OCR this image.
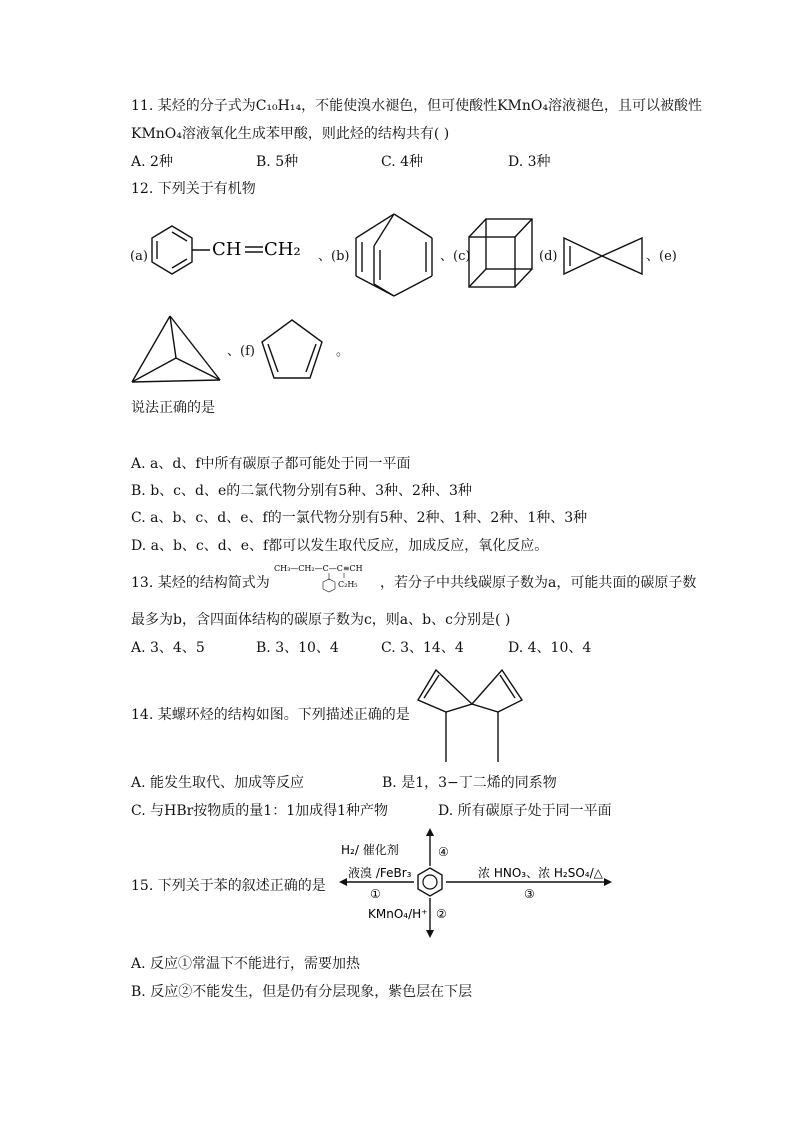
11. 某烃的分子式为C₁₀H₁₄，不能使溴水褪色，但可使酸性KMnO₄溶液褪色，且可以被酸性
KMnO₄溶液氧化生成苯甲酸，则此烃的结构共有( )
A. 2种	B. 5种	C. 4种	D. 3种
12. 下列关于有机物
(a)	CH CH₂ 、(b)	、(c)	(d)	、(e)
、(f)	。
说法正确的是
A. a、d、f中所有碳原子都可能处于同一平面
B. b、c、d、e的二氯代物分别有5种、3种、2种、3种
C. a、b、c、d、e、f的一氯代物分别有5种、2种、1种、2种、1种、3种
D. a、b、c、d、e、f都可以发生取代反应，加成反应，氧化反应。
13. 某烃的结构简式为
CH₃—CH₂—C—C≡CH
C₂H₅ ，若分子中共线碳原子数为a，可能共面的碳原子数
最多为b，含四面体结构的碳原子数为c，则a、b、c分别是( )
A. 3、4、5	B. 3、10、4	C. 3、14、4	D. 4、10、4
14. 某螺环烃的结构如图。下列描述正确的是
A. 能发生取代、加成等反应	B. 是1，3−丁二烯的同系物
C. 与HBr按物质的量1：1加成得1种产物	D. 所有碳原子处于同一平面
15. 下列关于苯的叙述正确的是
H₂/ 催化剂	④
液溴 /FeBr₃
①
浓 HNO₃、浓 H₂SO₄/△
③
KMnO₄/H⁺ ②
A. 反应①常温下不能进行，需要加热
B. 反应②不能发生，但是仍有分层现象，紫色层在下层
